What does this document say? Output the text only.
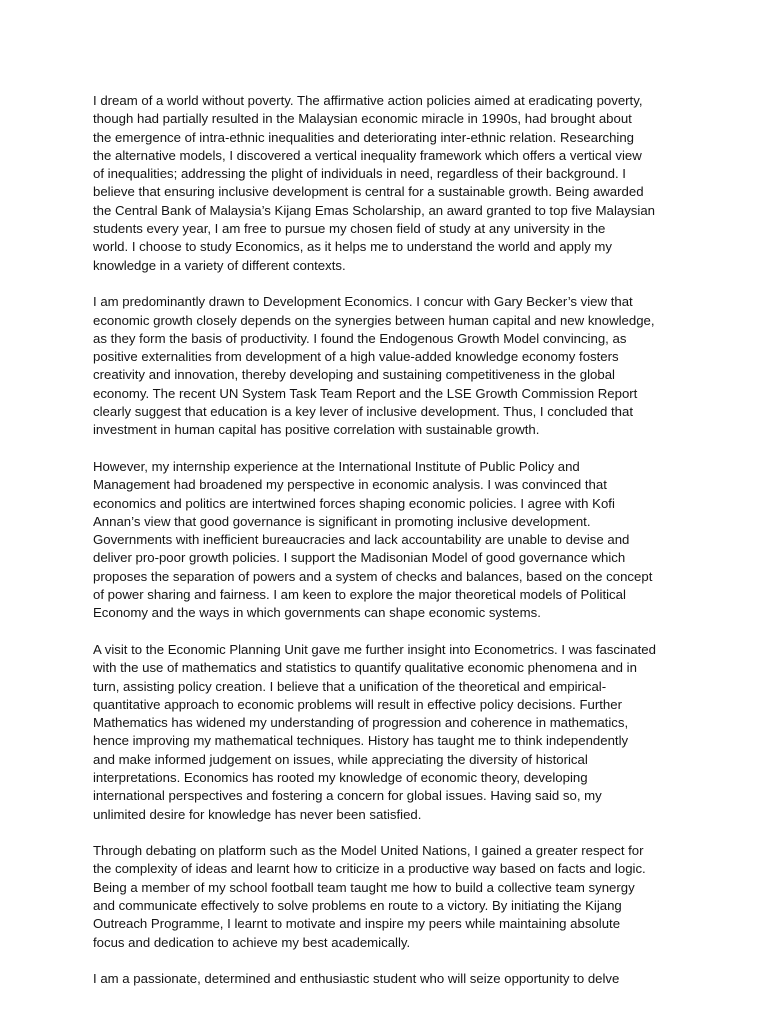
I dream of a world without poverty. The affirmative action policies aimed at eradicating poverty,
though had partially resulted in the Malaysian economic miracle in 1990s, had brought about
the emergence of intra-ethnic inequalities and deteriorating inter-ethnic relation. Researching
the alternative models, I discovered a vertical inequality framework which offers a vertical view
of inequalities; addressing the plight of individuals in need, regardless of their background. I
believe that ensuring inclusive development is central for a sustainable growth. Being awarded
the Central Bank of Malaysia’s Kijang Emas Scholarship, an award granted to top five Malaysian
students every year, I am free to pursue my chosen field of study at any university in the
world. I choose to study Economics, as it helps me to understand the world and apply my
knowledge in a variety of different contexts.

I am predominantly drawn to Development Economics. I concur with Gary Becker’s view that
economic growth closely depends on the synergies between human capital and new knowledge,
as they form the basis of productivity. I found the Endogenous Growth Model convincing, as
positive externalities from development of a high value-added knowledge economy fosters
creativity and innovation, thereby developing and sustaining competitiveness in the global
economy. The recent UN System Task Team Report and the LSE Growth Commission Report
clearly suggest that education is a key lever of inclusive development. Thus, I concluded that
investment in human capital has positive correlation with sustainable growth.

However, my internship experience at the International Institute of Public Policy and
Management had broadened my perspective in economic analysis. I was convinced that
economics and politics are intertwined forces shaping economic policies. I agree with Kofi
Annan’s view that good governance is significant in promoting inclusive development.
Governments with inefficient bureaucracies and lack accountability are unable to devise and
deliver pro-poor growth policies. I support the Madisonian Model of good governance which
proposes the separation of powers and a system of checks and balances, based on the concept
of power sharing and fairness. I am keen to explore the major theoretical models of Political
Economy and the ways in which governments can shape economic systems.

A visit to the Economic Planning Unit gave me further insight into Econometrics. I was fascinated
with the use of mathematics and statistics to quantify qualitative economic phenomena and in
turn, assisting policy creation. I believe that a unification of the theoretical and empirical-
quantitative approach to economic problems will result in effective policy decisions. Further
Mathematics has widened my understanding of progression and coherence in mathematics,
hence improving my mathematical techniques. History has taught me to think independently
and make informed judgement on issues, while appreciating the diversity of historical
interpretations. Economics has rooted my knowledge of economic theory, developing
international perspectives and fostering a concern for global issues. Having said so, my
unlimited desire for knowledge has never been satisfied.

Through debating on platform such as the Model United Nations, I gained a greater respect for
the complexity of ideas and learnt how to criticize in a productive way based on facts and logic.
Being a member of my school football team taught me how to build a collective team synergy
and communicate effectively to solve problems en route to a victory. By initiating the Kijang
Outreach Programme, I learnt to motivate and inspire my peers while maintaining absolute
focus and dedication to achieve my best academically.

I am a passionate, determined and enthusiastic student who will seize opportunity to delve
